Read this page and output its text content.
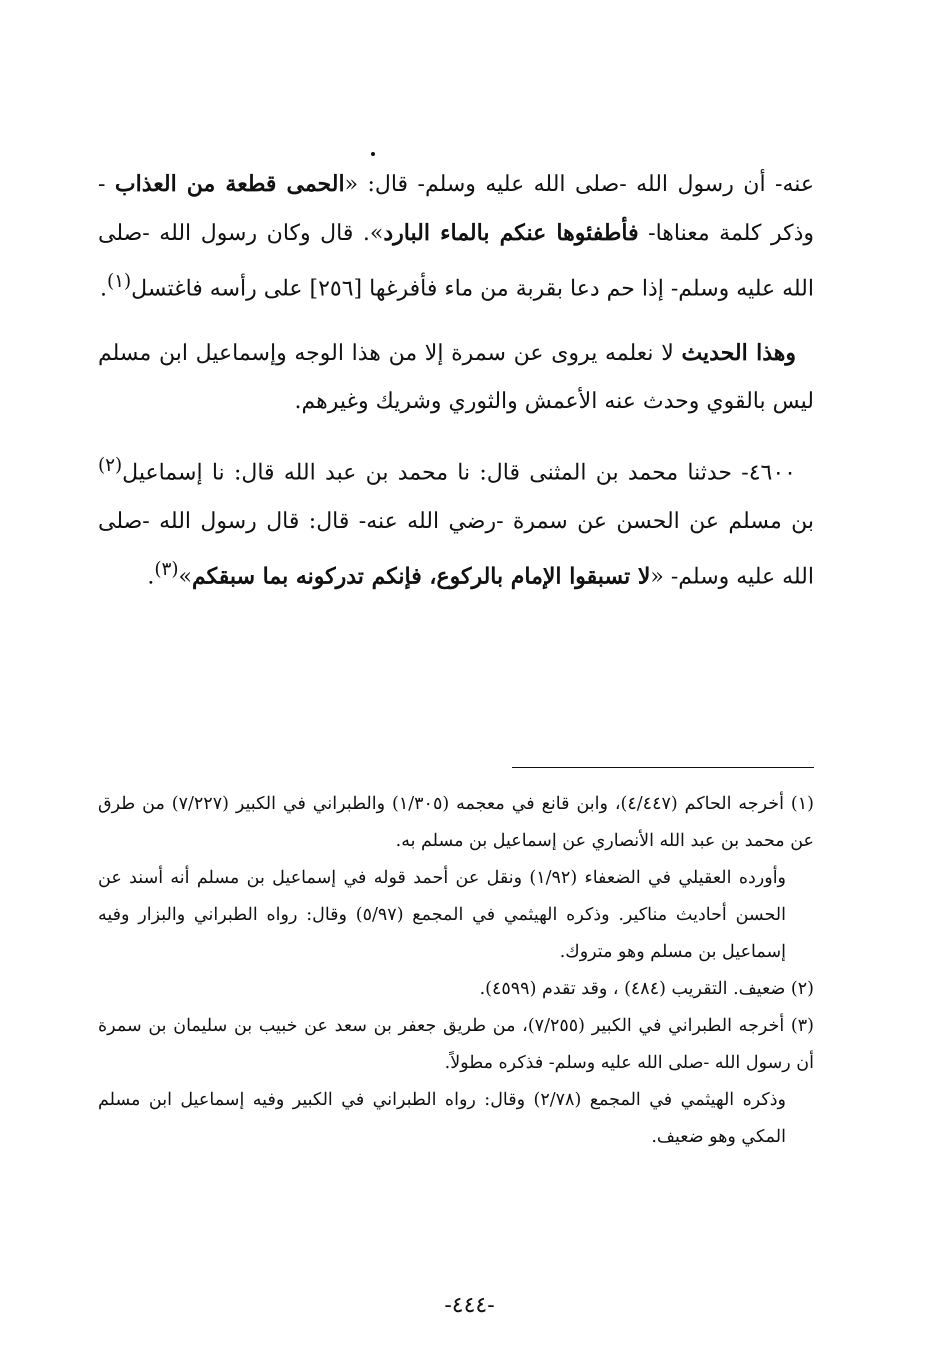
عنه- أن رسول الله -صلى الله عليه وسلم- قال: «الحمى قطعة من العذاب - وذكر كلمة معناها- فأطفئوها عنكم بالماء البارد». قال وكان رسول الله -صلى الله عليه وسلم- إذا حم دعا بقربة من ماء فأفرغها [٢٥٦] على رأسه فاغتسل$^{(١)}$.

وهذا الحديث لا نعلمه يروى عن سمرة إلا من هذا الوجه وإسماعيل ابن مسلم ليس بالقوي وحدث عنه الأعمش والثوري وشريك وغيرهم.

٤٦٠٠- حدثنا محمد بن المثنى قال: نا محمد بن عبد الله قال: نا إسماعيل$^{(٢)}$ بن مسلم عن الحسن عن سمرة -رضي الله عنه- قال: قال رسول الله -صلى الله عليه وسلم- «لا تسبقوا الإمام بالركوع، فإنكم تدركونه بما سبقكم»$^{(٣)}$.

(١) أخرجه الحاكم (٤/٤٤٧)، وابن قانع في معجمه (١/٣٠٥) والطبراني في الكبير (٧/٢٢٧) من طرق عن محمد بن عبد الله الأنصاري عن إسماعيل بن مسلم به.

وأورده العقيلي في الضعفاء (١/٩٢) ونقل عن أحمد قوله في إسماعيل بن مسلم أنه أسند عن الحسن أحاديث مناكير. وذكره الهيثمي في المجمع (٥/٩٧) وقال: رواه الطبراني والبزار وفيه إسماعيل بن مسلم وهو متروك.

(٢) ضعيف. التقريب (٤٨٤) ، وقد تقدم (٤٥٩٩).

(٣) أخرجه الطبراني في الكبير (٧/٢٥٥)، من طريق جعفر بن سعد عن خبيب بن سليمان بن سمرة أن رسول الله -صلى الله عليه وسلم- فذكره مطولاً.

وذكره الهيثمي في المجمع (٢/٧٨) وقال: رواه الطبراني في الكبير وفيه إسماعيل ابن مسلم المكي وهو ضعيف.

-٤٤٤-
